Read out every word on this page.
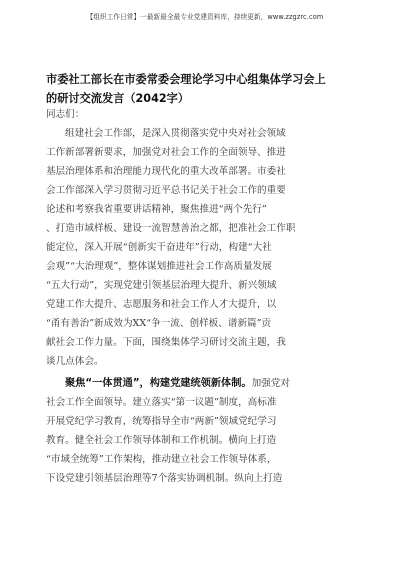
【组织工作日常】一最新最全最专业党建资料库，持续更新，www.zzgzrc.com
市委社工部长在市委常委会理论学习中心组集体学习会上
的研讨交流发言（2042字）
同志们：
组建社会工作部，是深入贯彻落实党中央对社会领域
工作新部署新要求，加强党对社会工作的全面领导、推进
基层治理体系和治理能力现代化的重大改革部署。市委社
会工作部深入学习贯彻习近平总书记关于社会工作的重要
论述和考察我省重要讲话精神，聚焦推进“两个先行”
、打造市域样板、建设一流智慧善治之都，把准社会工作职
能定位，深入开展“创新实干奋进年”行动，构建“大社
会观”“大治理观”，整体谋划推进社会工作高质量发展
“五大行动”，实现党建引领基层治理大提升、新兴领域
党建工作大提升、志愿服务和社会工作人才大提升，以
“甬有善治”新成效为XX“争一流、创样板、谱新篇”贡
献社会工作力量。下面，围绕集体学习研讨交流主题，我
谈几点体会。
聚焦“一体贯通”，构建党建统领新体制。加强党对
社会工作全面领导。建立落实“第一议题”制度，高标准
开展党纪学习教育，统筹指导全市“两新”领域党纪学习
教育。健全社会工作领导体制和工作机制。横向上打造
“市域全统筹”工作架构，推动建立社会工作领导体系，
下设党建引领基层治理等7个落实协调机制。纵向上打造
